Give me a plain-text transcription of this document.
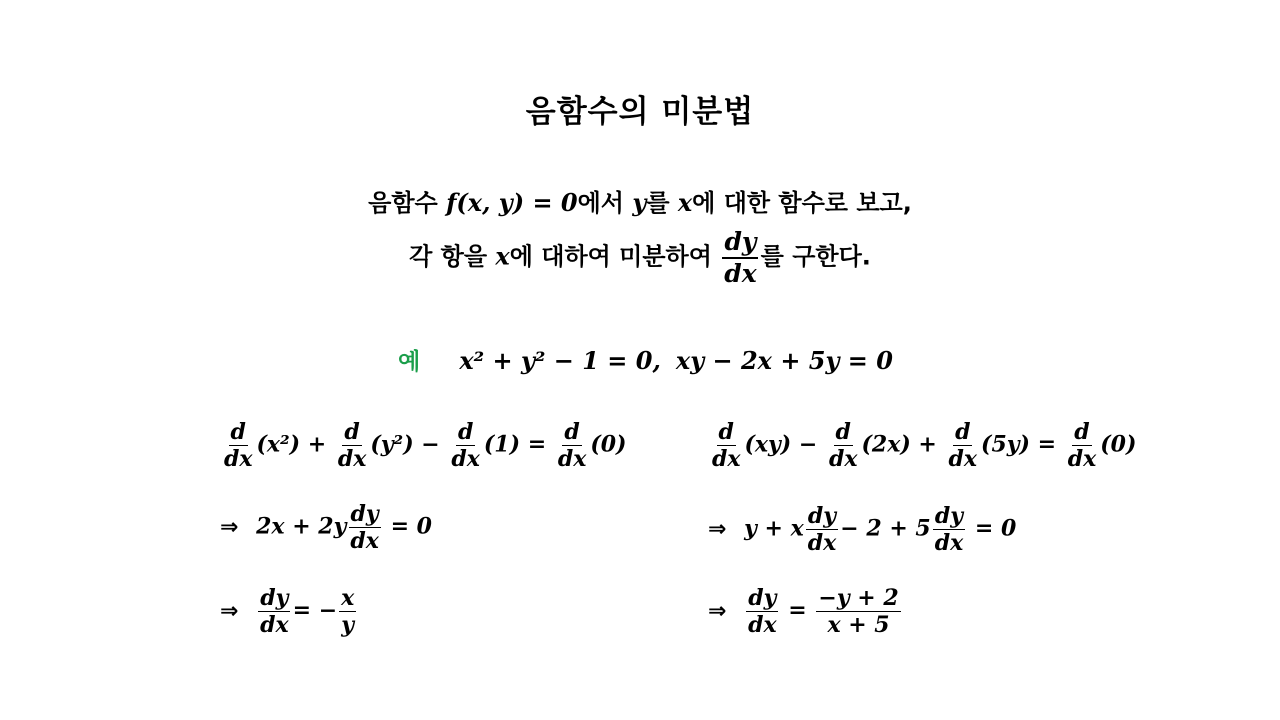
음함수의 미분법
음함수 f(x, y) = 0에서 y를 x에 대한 함수로 보고,
각 항을 x에 대하여 미분하여 $\frac{dy}{dx}$ 를 구한다.
예 x² + y² − 1 = 0, xy − 2x + 5y = 0
$\frac{d}{dx} (x^2) + \frac{d}{dx} (y^2) - \frac{d}{dx} (1) = \frac{d}{dx} (0)$
⇒ $2x + 2y \frac{dy}{dx} = 0$
⇒ $\frac{dy}{dx}$ = − $\frac{x}{y}$
$\frac{d}{dx} (xy) - \frac{d}{dx} (2x) + \frac{d}{dx} (5y) = \frac{d}{dx} (0)$
⇒ y + x $\frac{dy}{dx} - 2 + 5 \frac{dy}{dx} = 0$
⇒ $\frac{dy}{dx} = \frac{-y + 2}{x + 5}$
